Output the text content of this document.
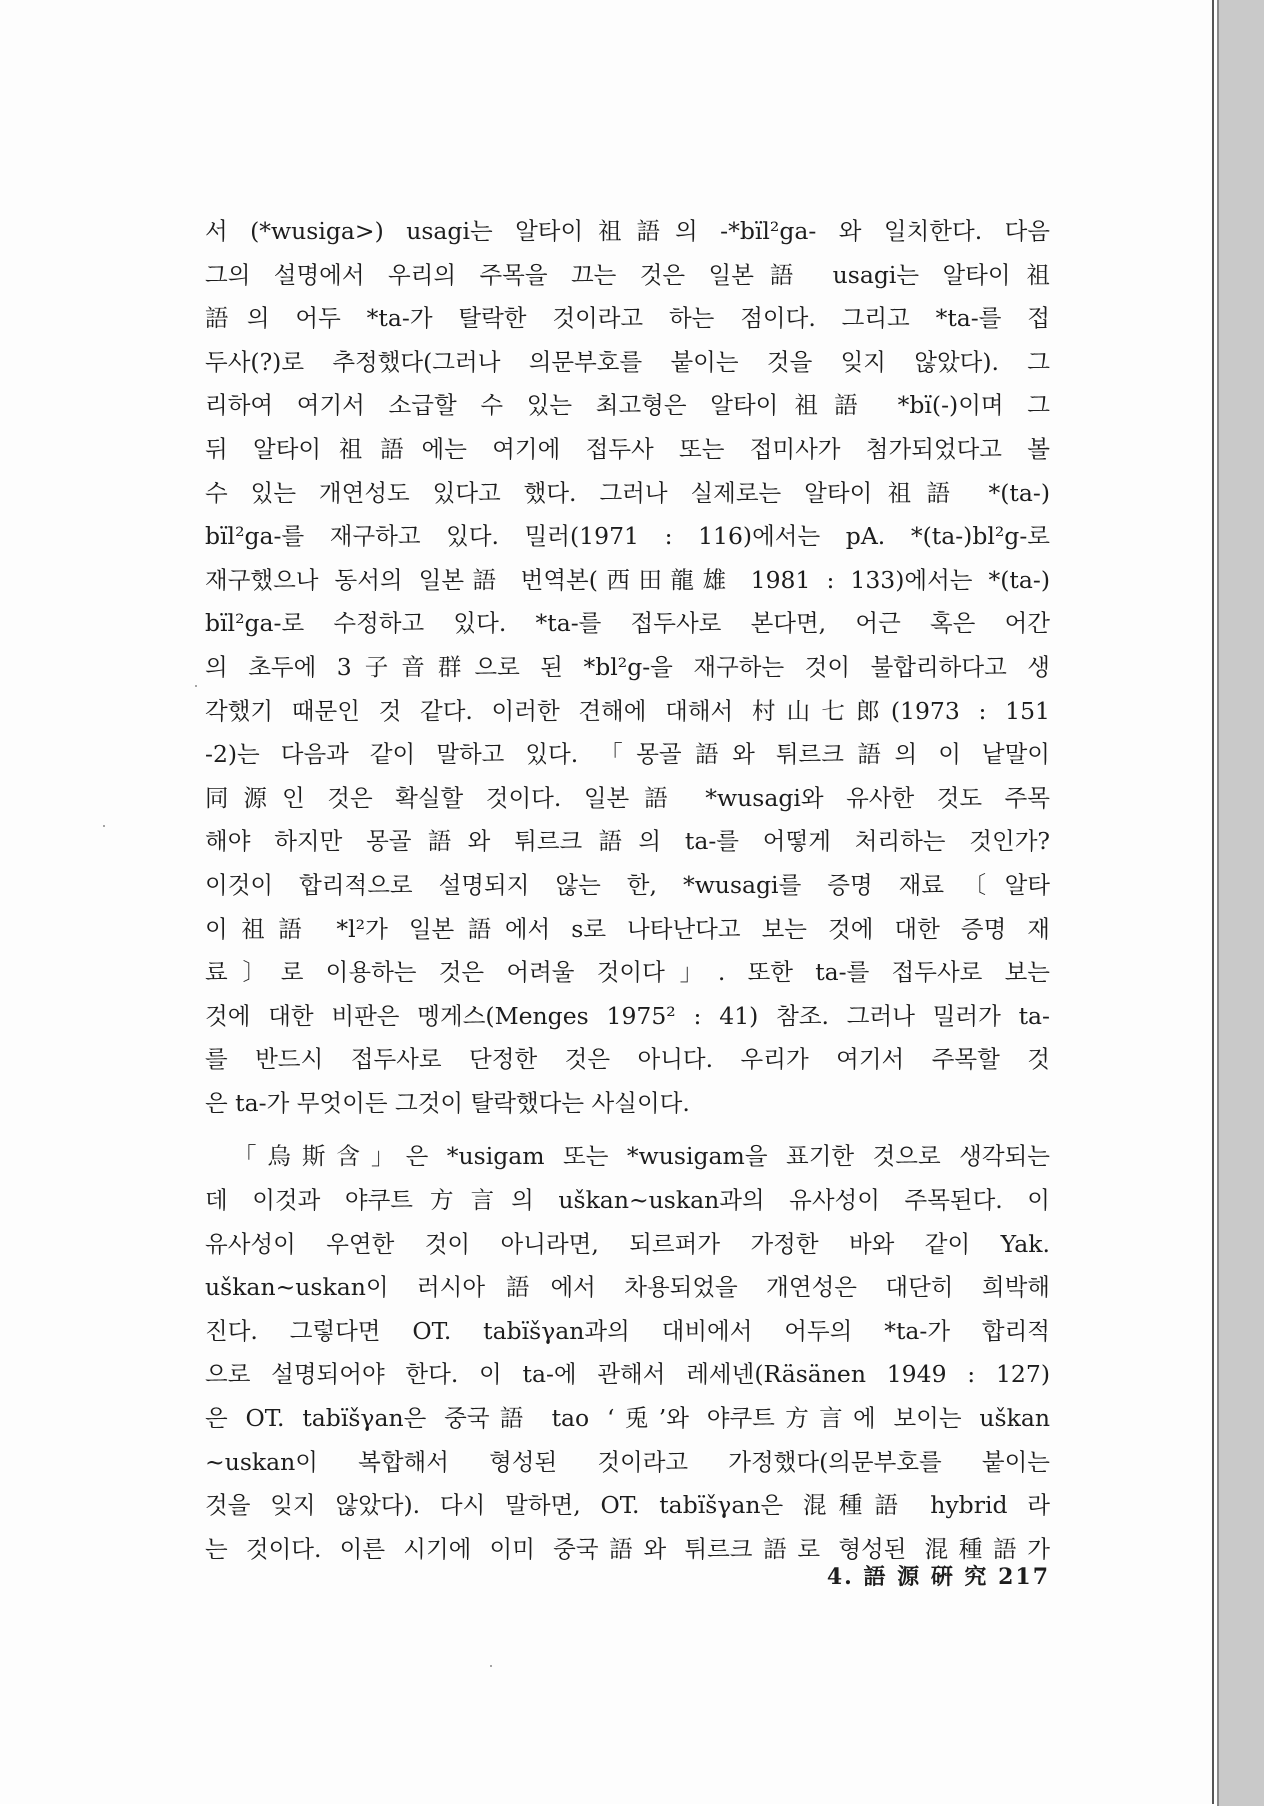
서 (*wusiga>) usagi는 알타이祖語의 -*bïl²ga- 와 일치한다. 다음
그의 설명에서 우리의 주목을 끄는 것은 일본語 usagi는 알타이祖
語의 어두 *ta-가 탈락한 것이라고 하는 점이다. 그리고 *ta-를 접
두사(?)로 추정했다(그러나 의문부호를 붙이는 것을 잊지 않았다). 그
리하여 여기서 소급할 수 있는 최고형은 알타이祖語 *bï(-)이며 그
뒤 알타이祖語에는 여기에 접두사 또는 접미사가 첨가되었다고 볼
수 있는 개연성도 있다고 했다. 그러나 실제로는 알타이祖語 *(ta-)
bïl²ga-를 재구하고 있다. 밀러(1971 : 116)에서는 pA. *(ta-)bl²g-로
재구했으나 동서의 일본語 번역본(西田龍雄 1981 : 133)에서는 *(ta-)
bïl²ga-로 수정하고 있다. *ta-를 접두사로 본다면, 어근 혹은 어간
의 초두에 3子音群으로 된 *bl²g-을 재구하는 것이 불합리하다고 생
각했기 때문인 것 같다. 이러한 견해에 대해서 村山七郎(1973 : 151
-2)는 다음과 같이 말하고 있다. 「몽골語와 튀르크語의 이 낱말이
同源인 것은 확실할 것이다. 일본語 *wusagi와 유사한 것도 주목
해야 하지만 몽골語와 튀르크語의 ta-를 어떻게 처리하는 것인가?
이것이 합리적으로 설명되지 않는 한, *wusagi를 증명 재료〔알타
이祖語 *l²가 일본語에서 s로 나타난다고 보는 것에 대한 증명 재
료〕로 이용하는 것은 어려울 것이다」. 또한 ta-를 접두사로 보는
것에 대한 비판은 멩게스(Menges 1975² : 41) 참조. 그러나 밀러가 ta-
를 반드시 접두사로 단정한 것은 아니다. 우리가 여기서 주목할 것
은 ta-가 무엇이든 그것이 탈락했다는 사실이다.
「烏斯含」은 *usigam 또는 *wusigam을 표기한 것으로 생각되는
데 이것과 야쿠트方言의 uškan~uskan과의 유사성이 주목된다. 이
유사성이 우연한 것이 아니라면, 되르퍼가 가정한 바와 같이 Yak.
uškan~uskan이 러시아語에서 차용되었을 개연성은 대단히 희박해
진다. 그렇다면 OT. tabïšγan과의 대비에서 어두의 *ta-가 합리적
으로 설명되어야 한다. 이 ta-에 관해서 레세넨(Räsänen 1949 : 127)
은 OT. tabïšγan은 중국語 tao ‘兎’와 야쿠트方言에 보이는 uškan
~uskan이 복합해서 형성된 것이라고 가정했다(의문부호를 붙이는
것을 잊지 않았다). 다시 말하면, OT. tabïšγan은 混種語 hybrid 라
는 것이다. 이른 시기에 이미 중국語와 튀르크語로 형성된 混種語가
4. 語 源 硏 究 217
